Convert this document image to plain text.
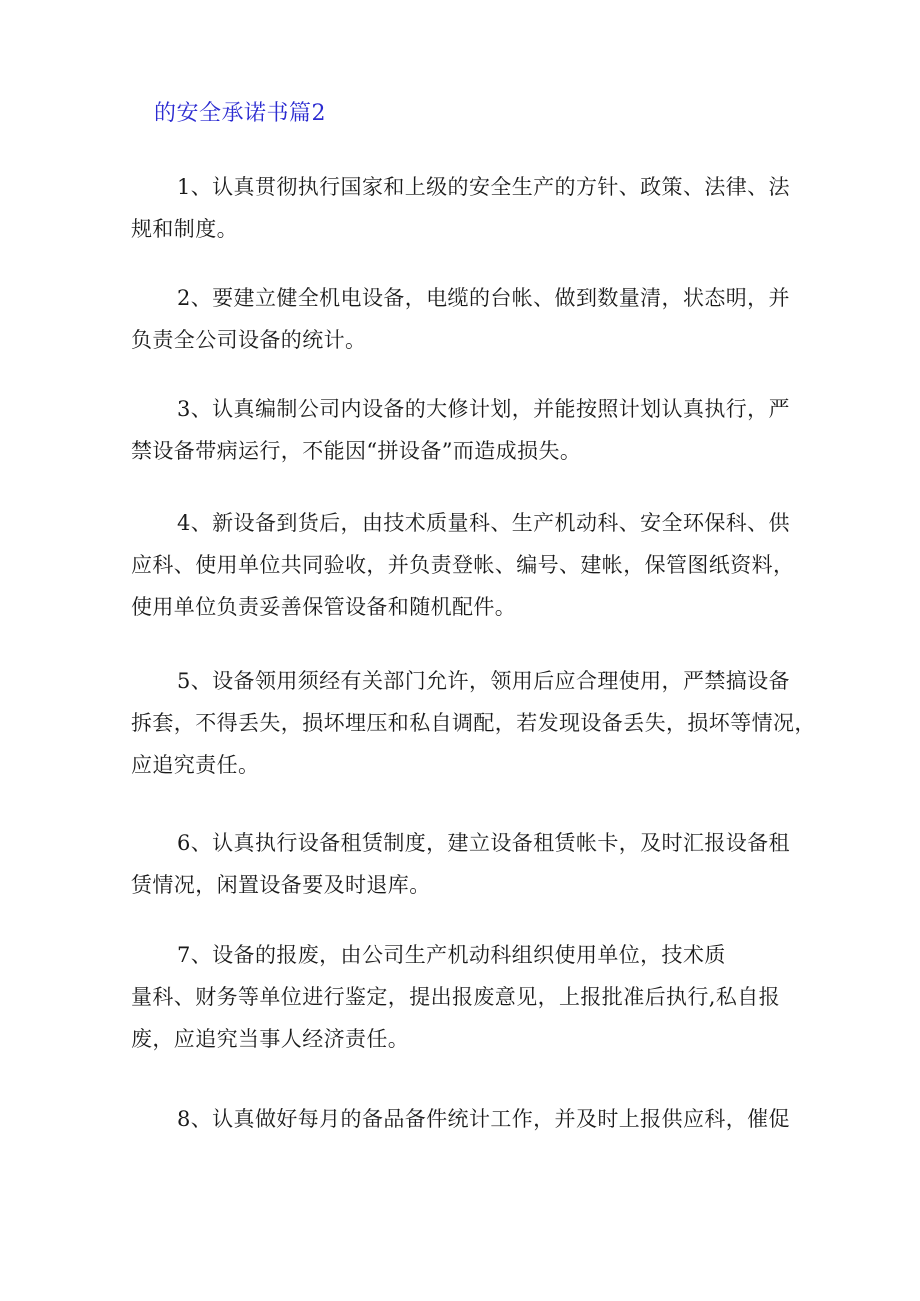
的安全承诺书篇2

1、认真贯彻执行国家和上级的安全生产的方针、政策、法律、法
规和制度。

2、要建立健全机电设备，电缆的台帐、做到数量清，状态明，并
负责全公司设备的统计。

3、认真编制公司内设备的大修计划，并能按照计划认真执行，严
禁设备带病运行，不能因“拼设备”而造成损失。

4、新设备到货后，由技术质量科、生产机动科、安全环保科、供
应科、使用单位共同验收，并负责登帐、编号、建帐，保管图纸资料，
使用单位负责妥善保管设备和随机配件。

5、设备领用须经有关部门允许，领用后应合理使用，严禁搞设备
拆套，不得丢失，损坏埋压和私自调配，若发现设备丢失，损坏等情况，
应追究责任。

6、认真执行设备租赁制度，建立设备租赁帐卡，及时汇报设备租
赁情况，闲置设备要及时退库。

7、设备的报废，由公司生产机动科组织使用单位，技术质
量科、财务等单位进行鉴定，提出报废意见，上报批准后执行,私自报
废，应追究当事人经济责任。

8、认真做好每月的备品备件统计工作，并及时上报供应科，催促
